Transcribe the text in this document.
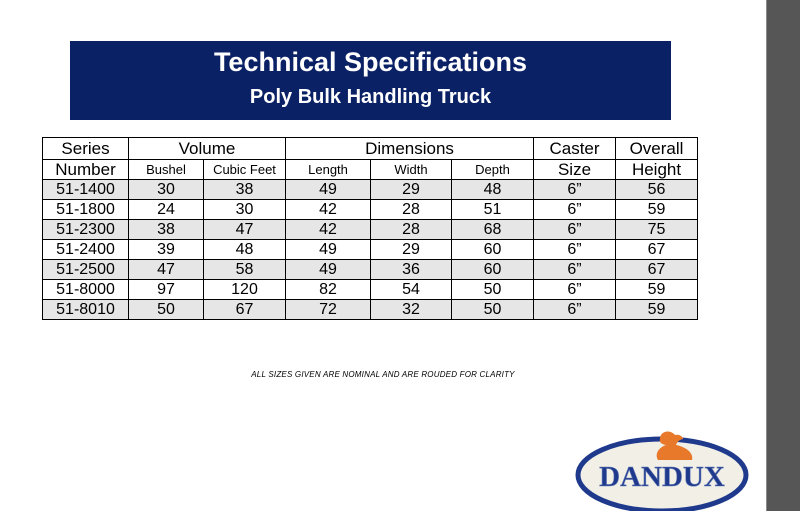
Technical Specifications
Poly Bulk Handling Truck
Series	Volume		Dimensions			Caster	Overall
Number	Bushel	Cubic Feet	Length	Width	Depth	Size	Height
51-1400	30	38	49	29	48	6”	56
51-1800	24	30	42	28	51	6”	59
51-2300	38	47	42	28	68	6”	75
51-2400	39	48	49	29	60	6”	67
51-2500	47	58	49	36	60	6”	67
51-8000	97	120	82	54	50	6”	59
51-8010	50	67	72	32	50	6”	59
ALL SIZES GIVEN ARE NOMINAL AND ARE ROUDED FOR CLARITY
DANDUX
